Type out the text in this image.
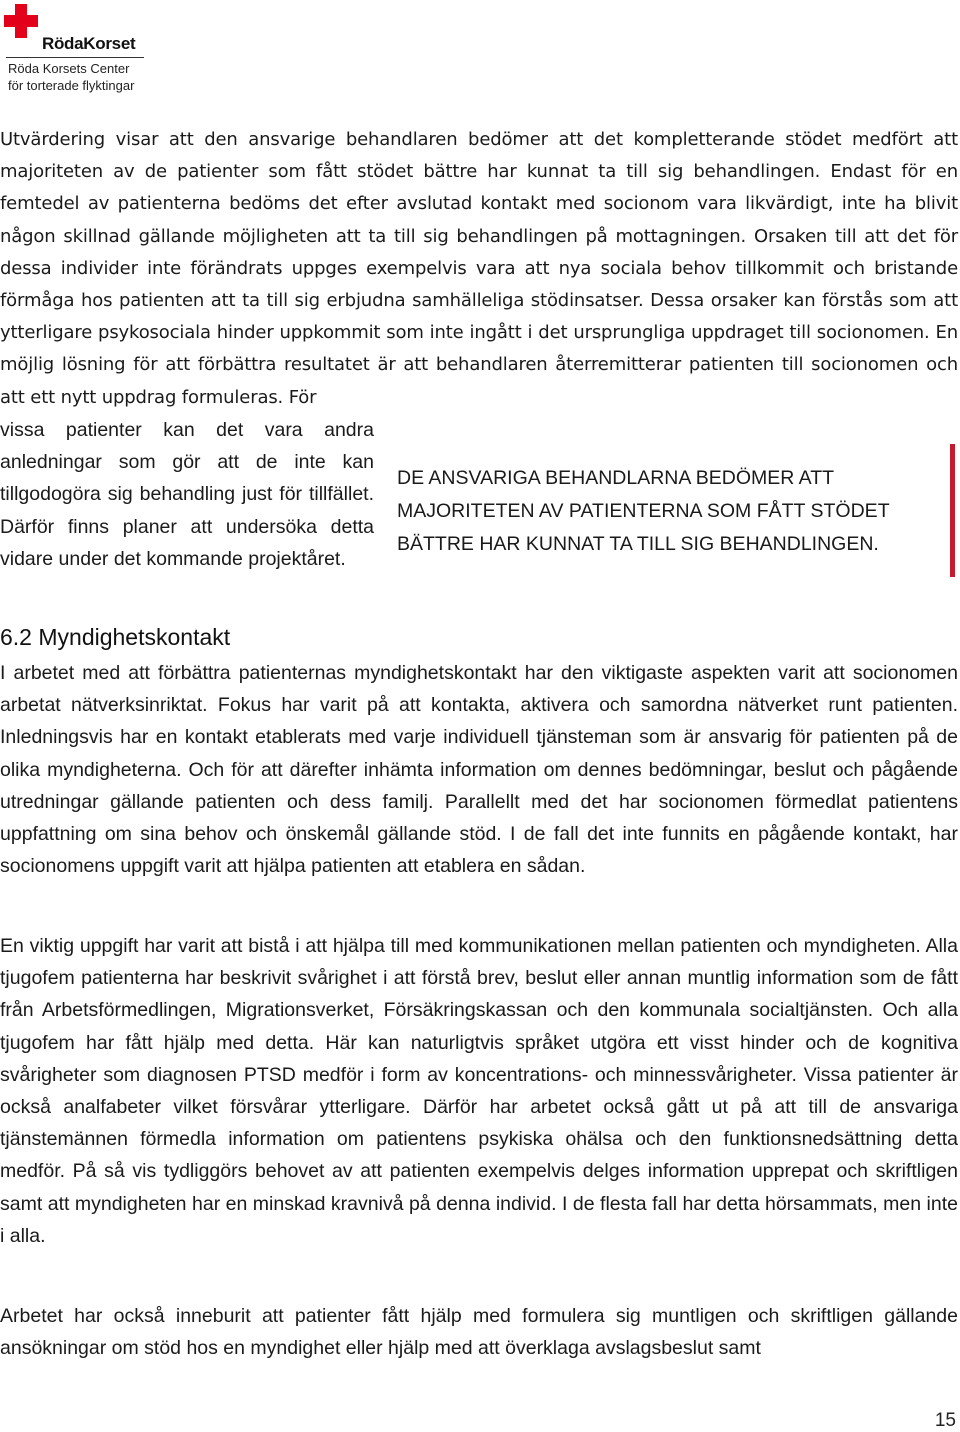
RödaKorset
Röda Korsets Center
för torterade flyktingar

Utvärdering visar att den ansvarige behandlaren bedömer att det kompletterande stödet medfört att majoriteten av de patienter som fått stödet bättre har kunnat ta till sig behandlingen. Endast för en femtedel av patienterna bedöms det efter avslutad kontakt med socionom vara likvärdigt, inte ha blivit någon skillnad gällande möjligheten att ta till sig behandlingen på mottagningen. Orsaken till att det för dessa individer inte förändrats uppges exempelvis vara att nya sociala behov tillkommit och bristande förmåga hos patienten att ta till sig erbjudna samhälleliga stödinsatser. Dessa orsaker kan förstås som att ytterligare psykosociala hinder uppkommit som inte ingått i det ursprungliga uppdraget till socionomen. En möjlig lösning för att förbättra resultatet är att behandlaren återremitterar patienten till socionomen och att ett nytt uppdrag formuleras. För

vissa patienter kan det vara andra anledningar som gör att de inte kan tillgodogöra sig behandling just för tillfället. Därför finns planer att undersöka detta vidare under det kommande projektåret.

DE ANSVARIGA BEHANDLARNA BEDÖMER ATT MAJORITETEN AV PATIENTERNA SOM FÅTT STÖDET BÄTTRE HAR KUNNAT TA TILL SIG BEHANDLINGEN.

6.2 Myndighetskontakt

I arbetet med att förbättra patienternas myndighetskontakt har den viktigaste aspekten varit att socionomen arbetat nätverksinriktat. Fokus har varit på att kontakta, aktivera och samordna nätverket runt patienten. Inledningsvis har en kontakt etablerats med varje individuell tjänsteman som är ansvarig för patienten på de olika myndigheterna. Och för att därefter inhämta information om dennes bedömningar, beslut och pågående utredningar gällande patienten och dess familj. Parallellt med det har socionomen förmedlat patientens uppfattning om sina behov och önskemål gällande stöd. I de fall det inte funnits en pågående kontakt, har socionomens uppgift varit att hjälpa patienten att etablera en sådan.

En viktig uppgift har varit att bistå i att hjälpa till med kommunikationen mellan patienten och myndigheten. Alla tjugofem patienterna har beskrivit svårighet i att förstå brev, beslut eller annan muntlig information som de fått från Arbetsförmedlingen, Migrationsverket, Försäkringskassan och den kommunala socialtjänsten. Och alla tjugofem har fått hjälp med detta. Här kan naturligtvis språket utgöra ett visst hinder och de kognitiva svårigheter som diagnosen PTSD medför i form av koncentrations- och minnessvårigheter. Vissa patienter är också analfabeter vilket försvårar ytterligare. Därför har arbetet också gått ut på att till de ansvariga tjänstemännen förmedla information om patientens psykiska ohälsa och den funktionsnedsättning detta medför. På så vis tydliggörs behovet av att patienten exempelvis delges information upprepat och skriftligen samt att myndigheten har en minskad kravnivå på denna individ. I de flesta fall har detta hörsammats, men inte i alla.

Arbetet har också inneburit att patienter fått hjälp med formulera sig muntligen och skriftligen gällande ansökningar om stöd hos en myndighet eller hjälp med att överklaga avslagsbeslut samt

15
